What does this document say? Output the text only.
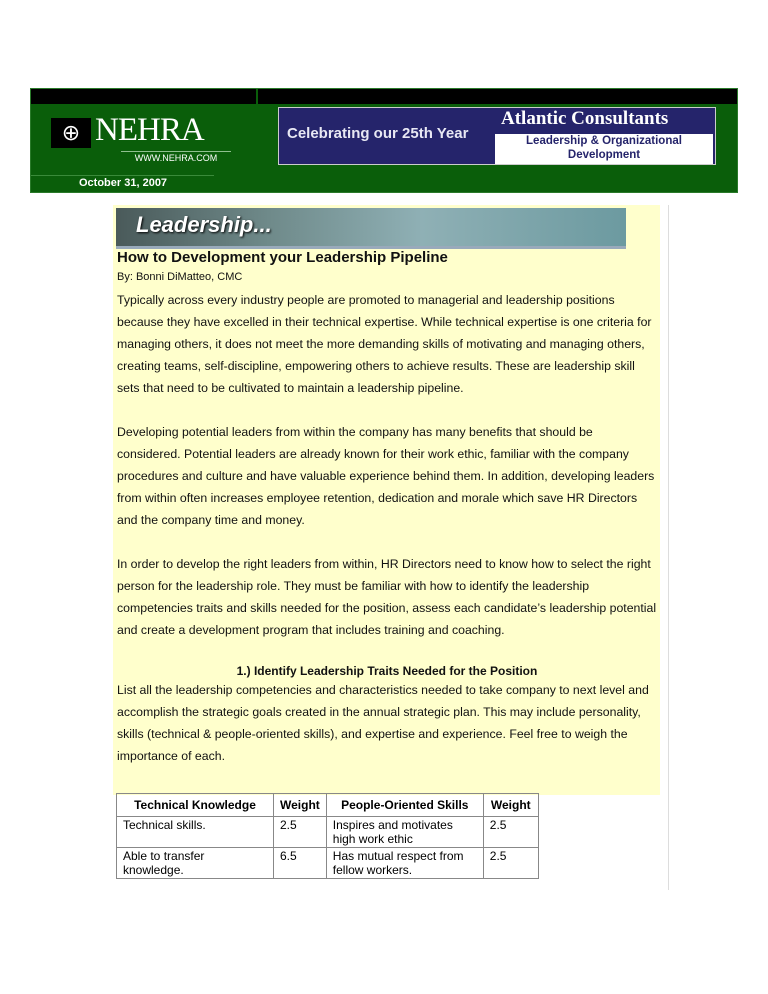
⊕ NEHRA
WWW.NEHRA.COM
Celebrating our 25th Year
Atlantic Consultants
Leadership & Organizational Development
October 31, 2007
Leadership...
How to Development your Leadership Pipeline
By: Bonni DiMatteo, CMC

Typically across every industry people are promoted to managerial and leadership positions because they have excelled in their technical expertise. While technical expertise is one criteria for managing others, it does not meet the more demanding skills of motivating and managing others, creating teams, self-discipline, empowering others to achieve results. These are leadership skill sets that need to be cultivated to maintain a leadership pipeline.

Developing potential leaders from within the company has many benefits that should be considered. Potential leaders are already known for their work ethic, familiar with the company procedures and culture and have valuable experience behind them. In addition, developing leaders from within often increases employee retention, dedication and morale which save HR Directors and the company time and money.

In order to develop the right leaders from within, HR Directors need to know how to select the right person for the leadership role. They must be familiar with how to identify the leadership competencies traits and skills needed for the position, assess each candidate’s leadership potential and create a development program that includes training and coaching.

1.) Identify Leadership Traits Needed for the Position

List all the leadership competencies and characteristics needed to take company to next level and accomplish the strategic goals created in the annual strategic plan. This may include personality, skills (technical & people-oriented skills), and expertise and experience. Feel free to weigh the importance of each.

Technical Knowledge	Weight	People-Oriented Skills	Weight
Technical skills.	2.5	Inspires and motivates high work ethic	2.5
Able to transfer knowledge.	6.5	Has mutual respect from fellow workers.	2.5
